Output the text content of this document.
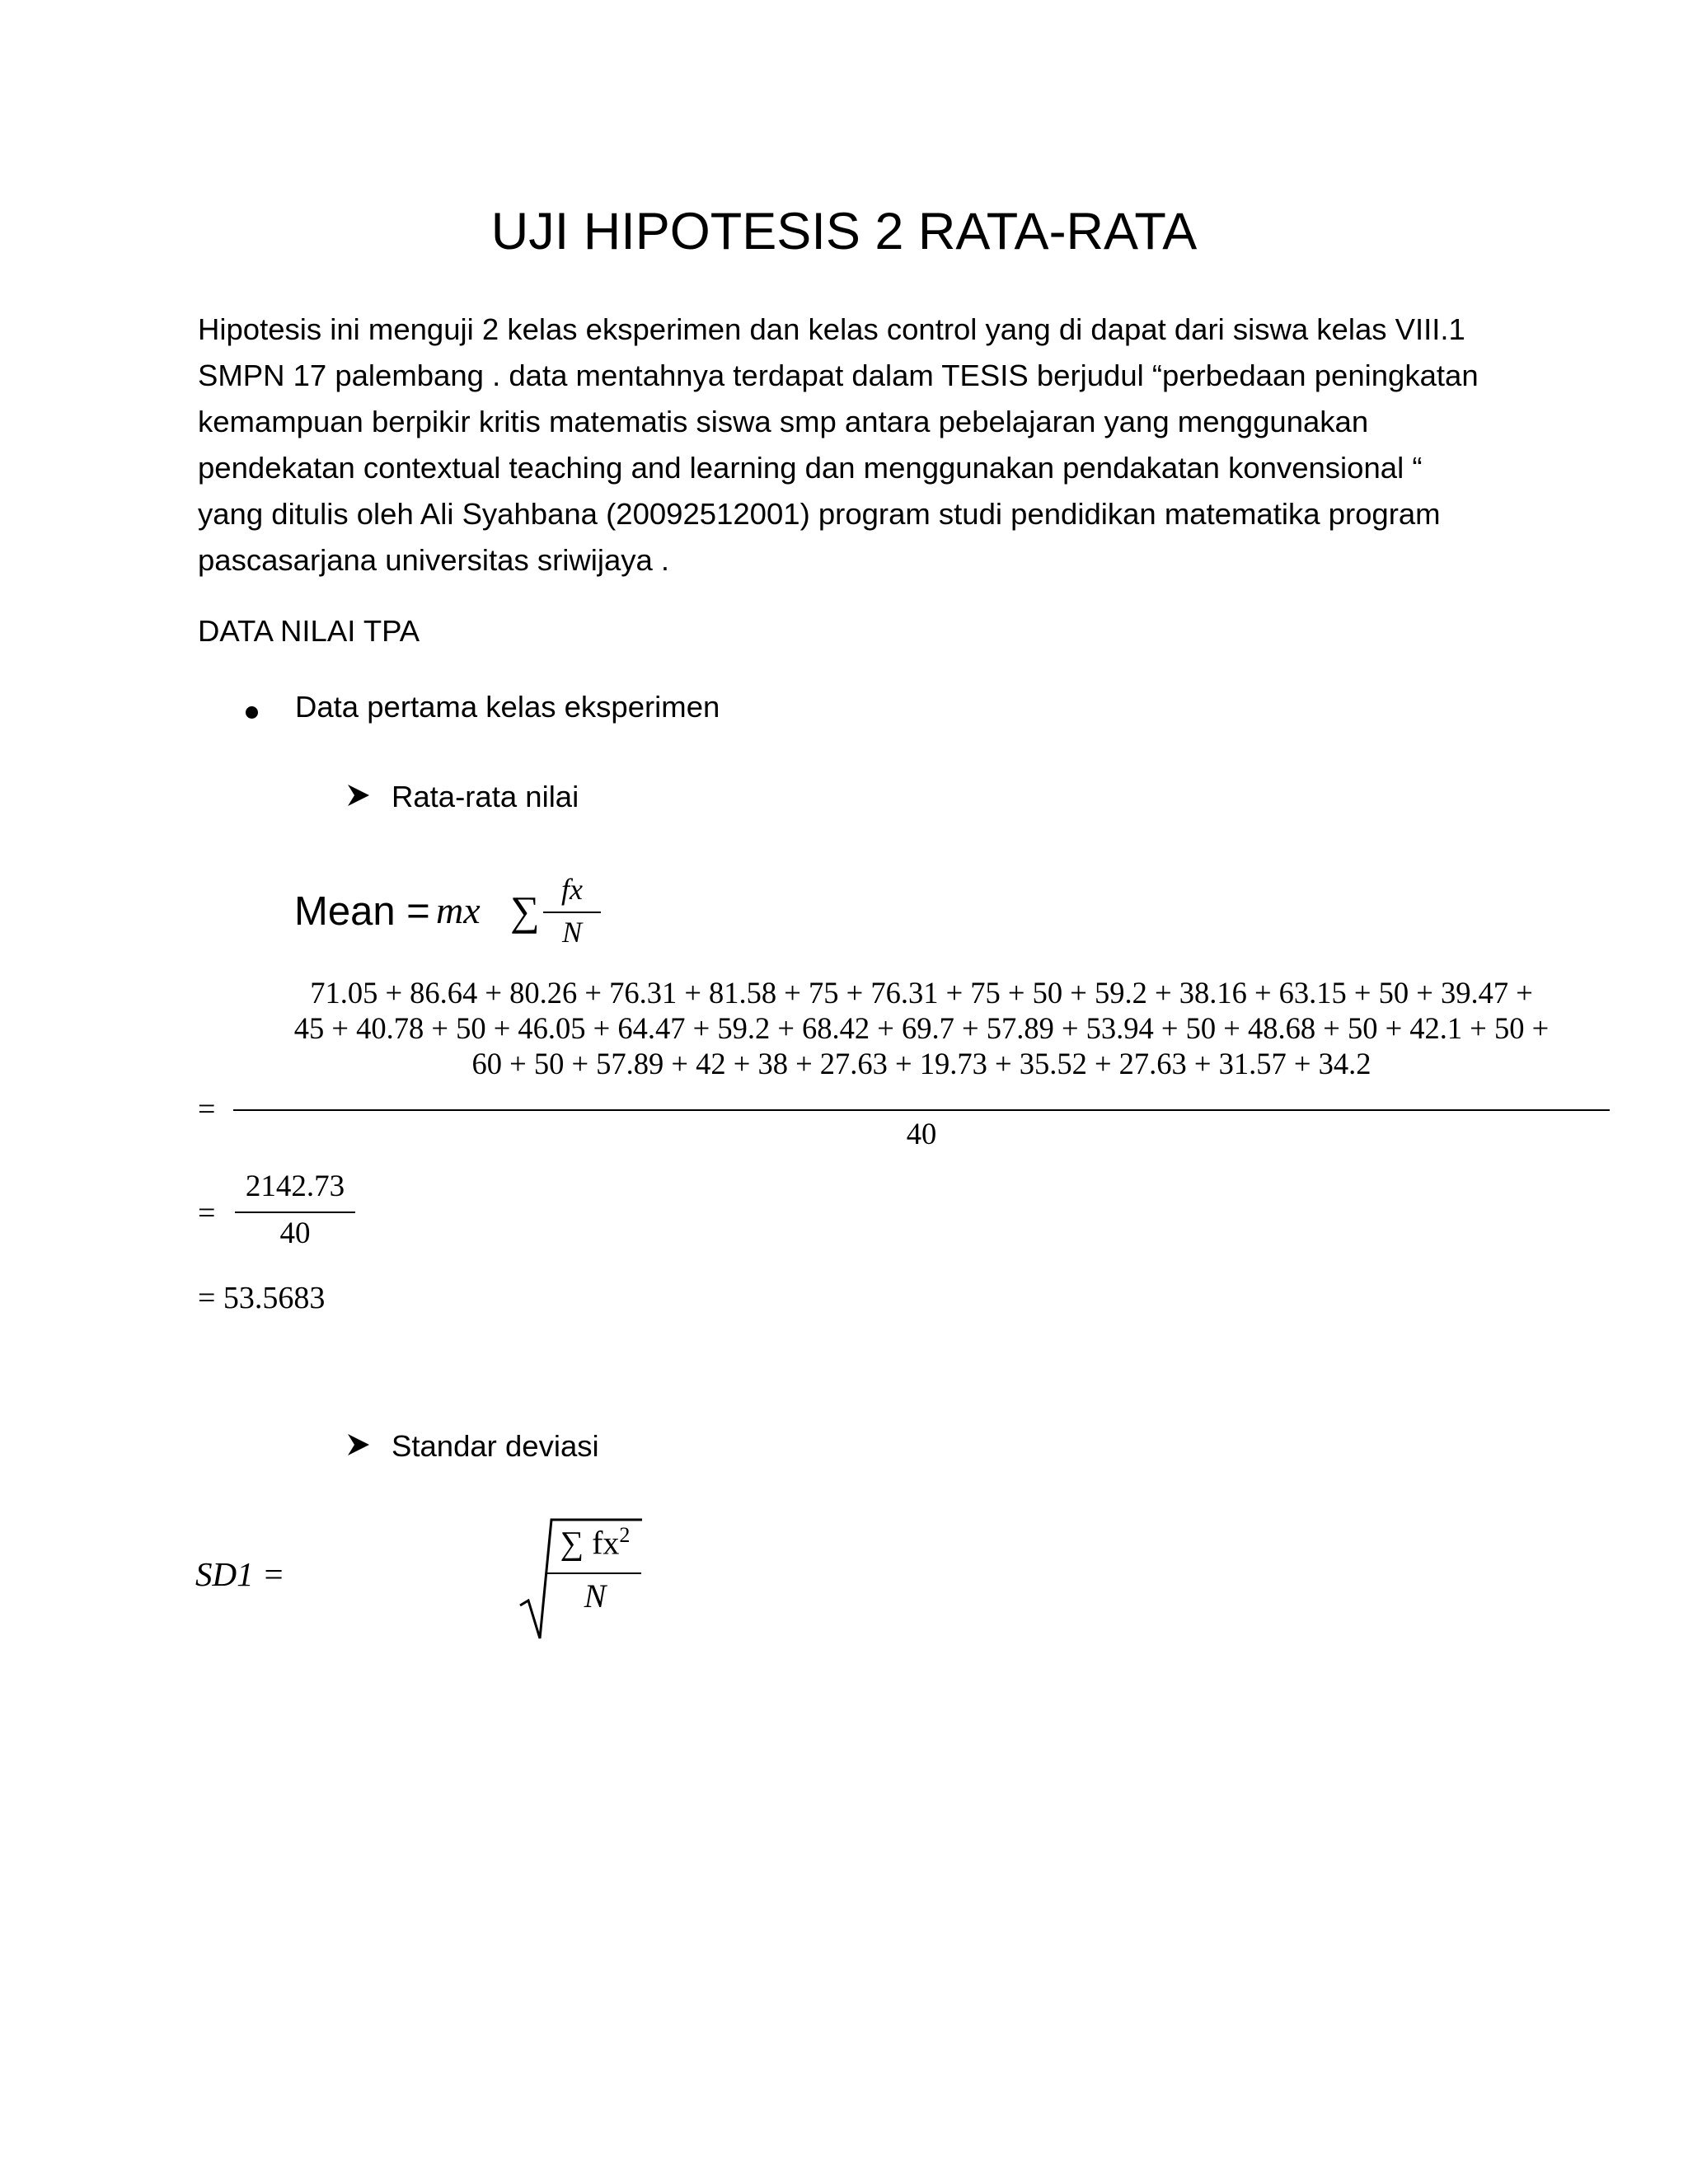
UJI HIPOTESIS 2 RATA-RATA
Hipotesis ini menguji 2 kelas eksperimen dan kelas control yang di dapat dari siswa kelas VIII.1
SMPN 17 palembang . data mentahnya terdapat dalam TESIS berjudul “perbedaan peningkatan
kemampuan berpikir kritis matematis siswa smp antara pebelajaran yang menggunakan
pendekatan contextual teaching and learning dan menggunakan pendakatan konvensional “
yang ditulis oleh Ali Syahbana (20092512001) program studi pendidikan matematika program
pascasarjana universitas sriwijaya .
DATA NILAI TPA
Data pertama kelas eksperimen
Rata-rata nilai
Mean = mx ∑ fx
N
71.05 + 86.64 + 80.26 + 76.31 + 81.58 + 75 + 76.31 + 75 + 50 + 59.2 + 38.16 + 63.15 + 50 + 39.47 +
45 + 40.78 + 50 + 46.05 + 64.47 + 59.2 + 68.42 + 69.7 + 57.89 + 53.94 + 50 + 48.68 + 50 + 42.1 + 50 +
60 + 50 + 57.89 + 42 + 38 + 27.63 + 19.73 + 35.52 + 27.63 + 31.57 + 34.2
=
40
=
2142.73
40
= 53.5683
Standar deviasi
SD1 =
∑ $fx^2$
N
